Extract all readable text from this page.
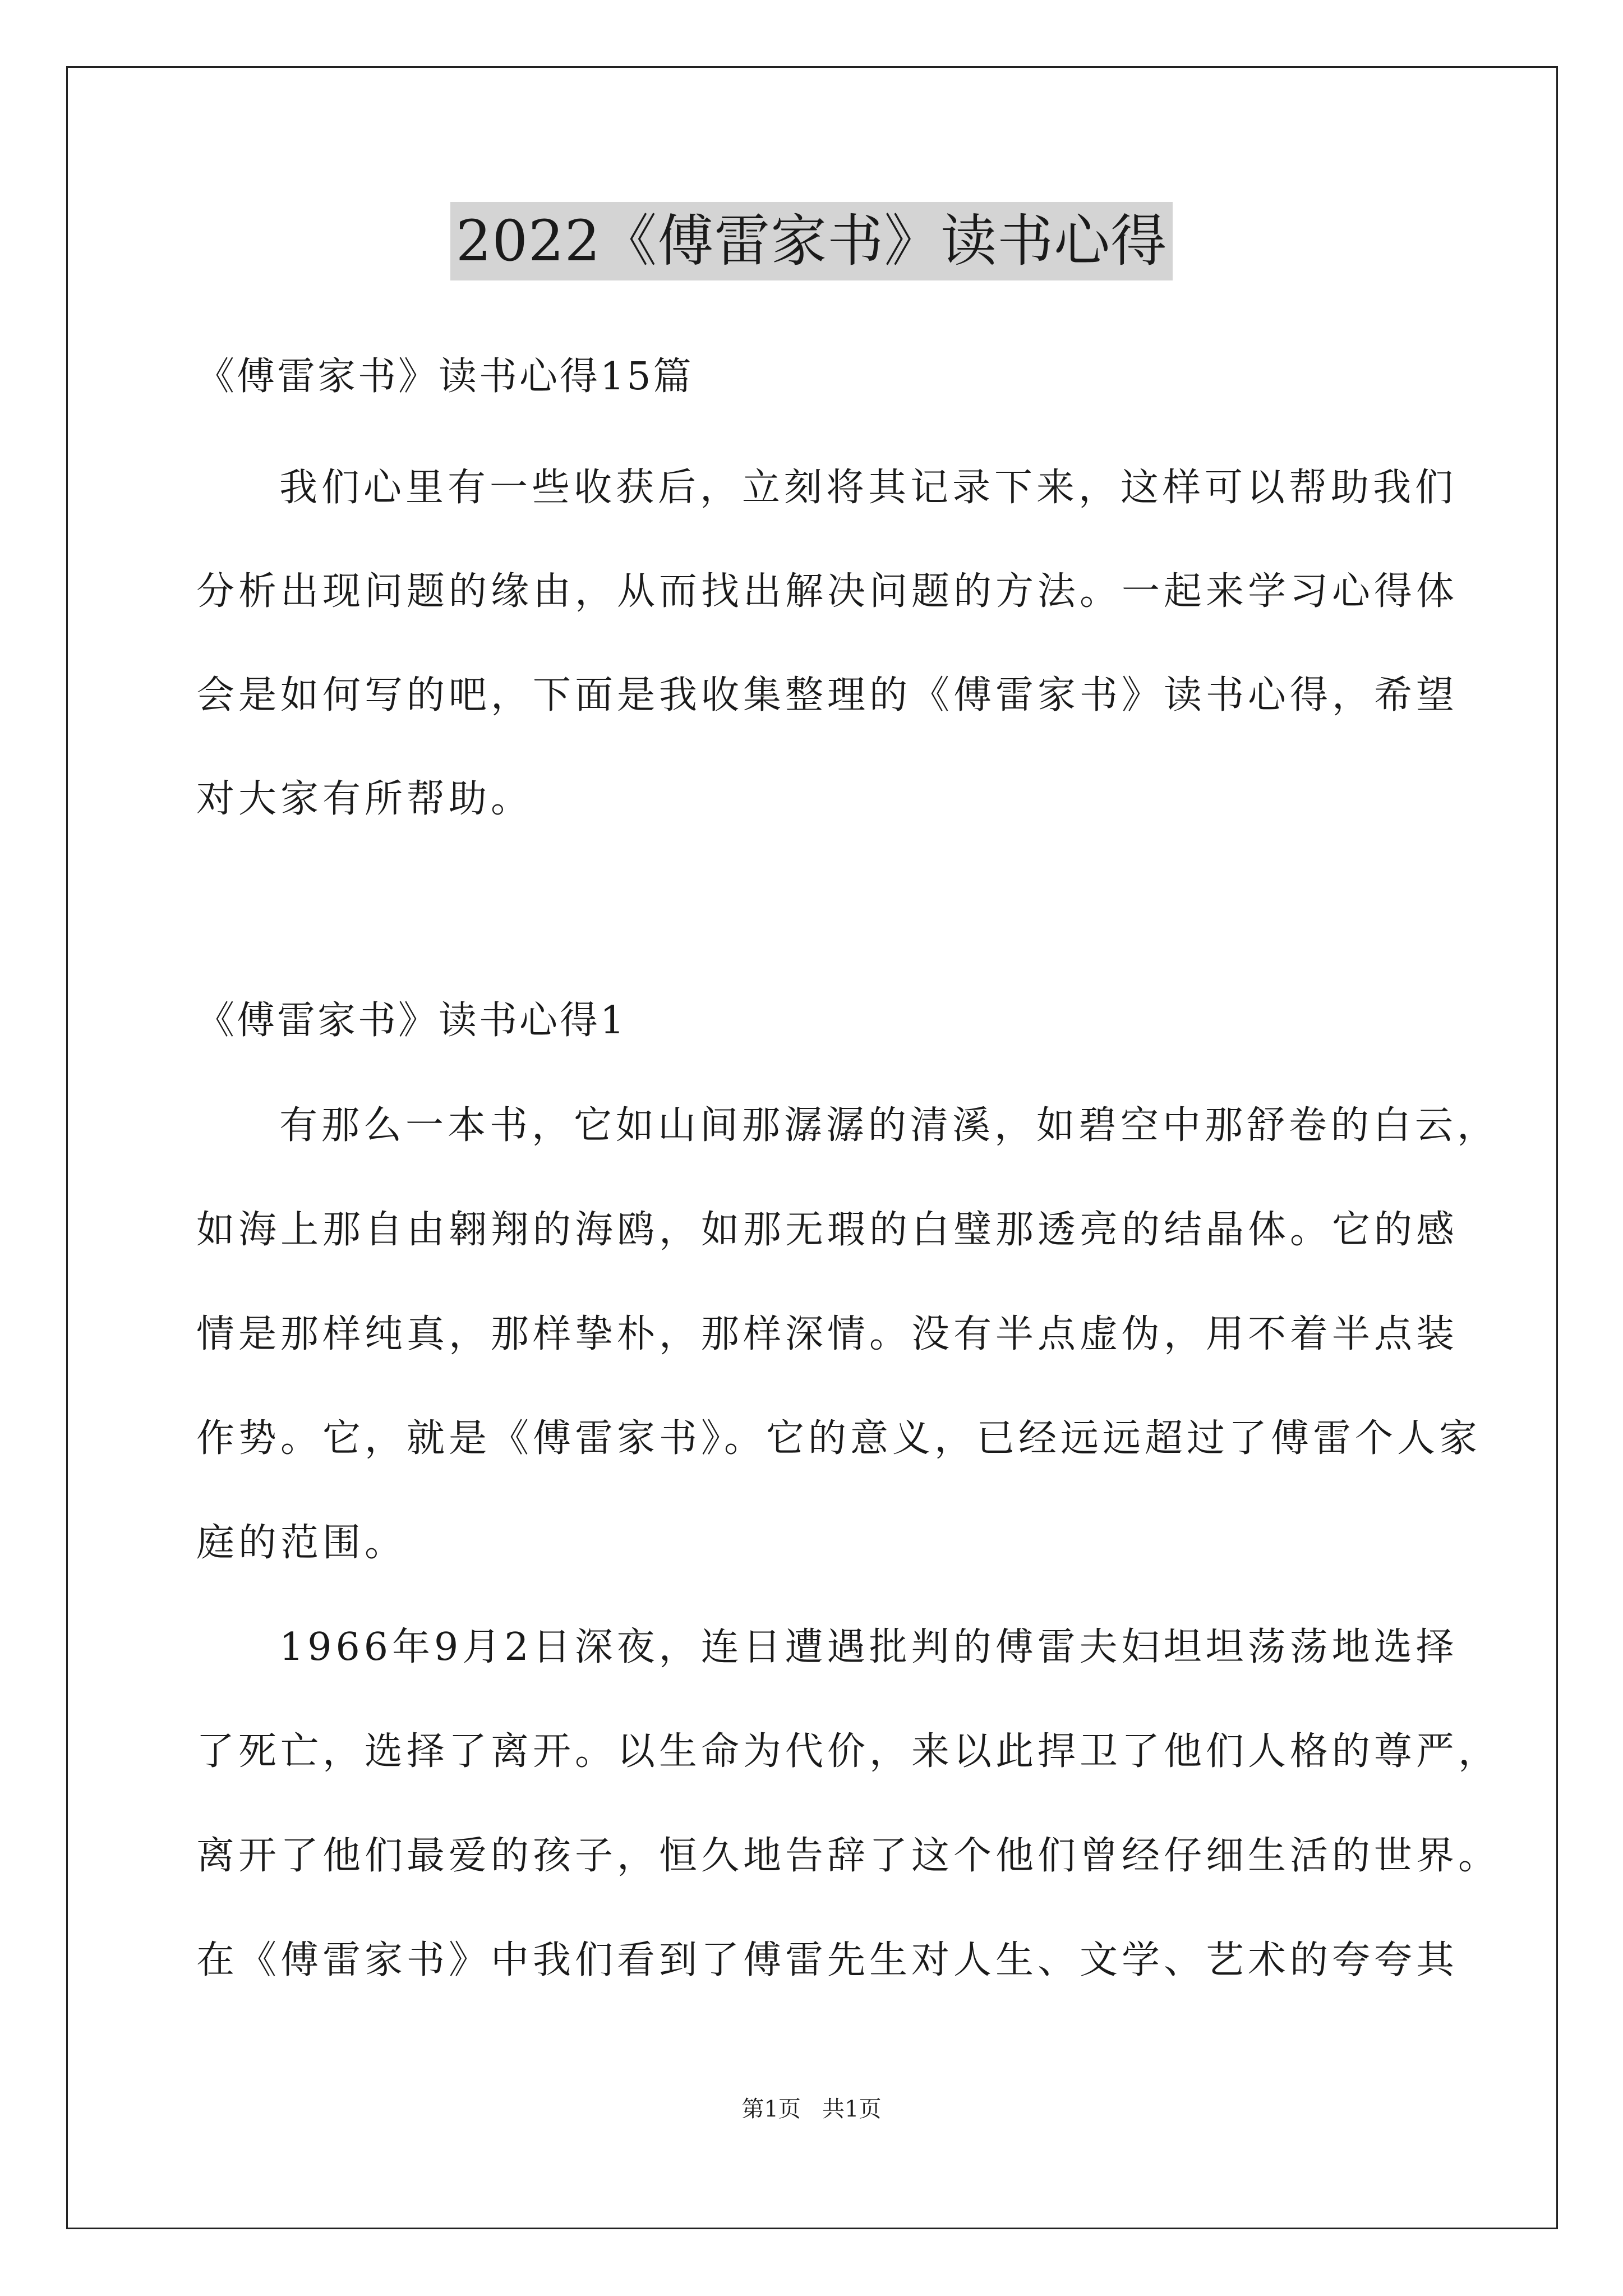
2022《傅雷家书》读书心得
《傅雷家书》读书心得15篇
我们心里有一些收获后，立刻将其记录下来，这样可以帮助我们
分析出现问题的缘由，从而找出解决问题的方法。一起来学习心得体
会是如何写的吧，下面是我收集整理的《傅雷家书》读书心得，希望
对大家有所帮助。
《傅雷家书》读书心得1
有那么一本书，它如山间那潺潺的清溪，如碧空中那舒卷的白云，
如海上那自由翱翔的海鸥，如那无瑕的白璧那透亮的结晶体。它的感
情是那样纯真，那样挚朴，那样深情。没有半点虚伪，用不着半点装
作势。它，就是《傅雷家书》。它的意义，已经远远超过了傅雷个人家
庭的范围。
1966年9月2日深夜，连日遭遇批判的傅雷夫妇坦坦荡荡地选择
了死亡，选择了离开。以生命为代价，来以此捍卫了他们人格的尊严，
离开了他们最爱的孩子，恒久地告辞了这个他们曾经仔细生活的世界。
在《傅雷家书》中我们看到了傅雷先生对人生、文学、艺术的夸夸其
第1页   共1页
